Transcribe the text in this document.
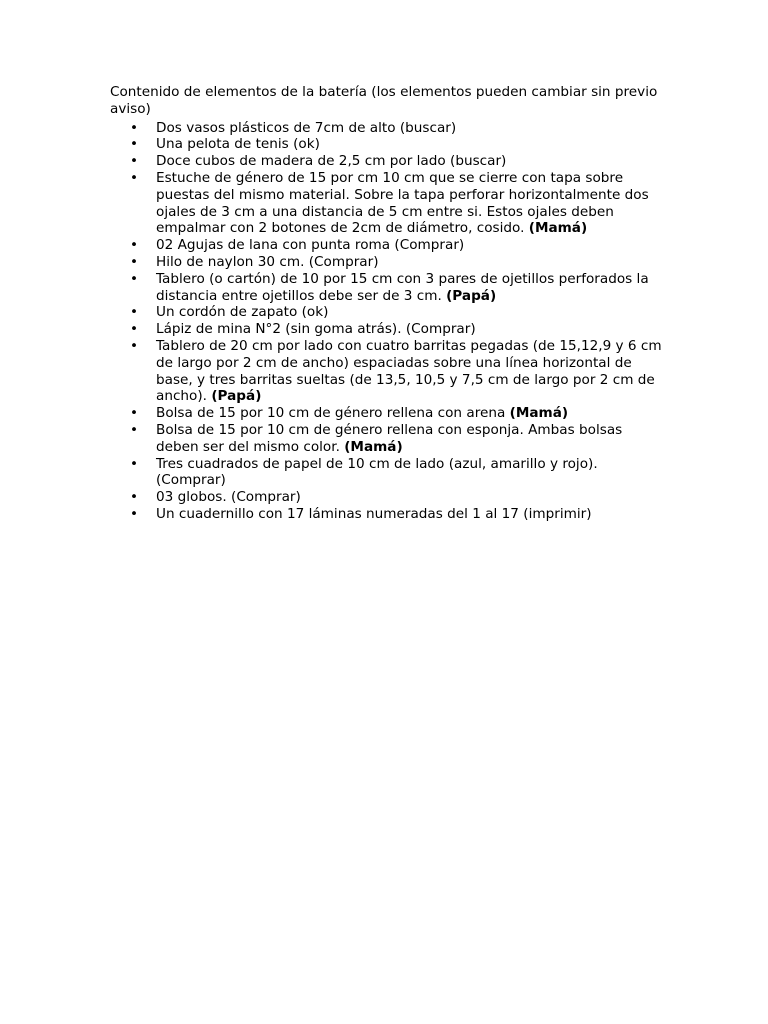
Contenido de elementos de la batería (los elementos pueden cambiar sin previo aviso)

• Dos vasos plásticos de 7cm de alto (buscar)
• Una pelota de tenis (ok)
• Doce cubos de madera de 2,5 cm por lado (buscar)
• Estuche de género de 15 por cm 10 cm que se cierre con tapa sobre puestas del mismo material. Sobre la tapa perforar horizontalmente dos ojales de 3 cm a una distancia de 5 cm entre si. Estos ojales deben empalmar con 2 botones de 2cm de diámetro, cosido. (Mamá)
• 02 Agujas de lana con punta roma (Comprar)
• Hilo de naylon 30 cm. (Comprar)
• Tablero (o cartón) de 10 por 15 cm con 3 pares de ojetillos perforados la distancia entre ojetillos debe ser de 3 cm. (Papá)
• Un cordón de zapato (ok)
• Lápiz de mina N°2 (sin goma atrás). (Comprar)
• Tablero de 20 cm por lado con cuatro barritas pegadas (de 15,12,9 y 6 cm de largo por 2 cm de ancho) espaciadas sobre una línea horizontal de base, y tres barritas sueltas (de 13,5, 10,5 y 7,5 cm de largo por 2 cm de ancho). (Papá)
• Bolsa de 15 por 10 cm de género rellena con arena (Mamá)
• Bolsa de 15 por 10 cm de género rellena con esponja. Ambas bolsas deben ser del mismo color. (Mamá)
• Tres cuadrados de papel de 10 cm de lado (azul, amarillo y rojo). (Comprar)
• 03 globos. (Comprar)
• Un cuadernillo con 17 láminas numeradas del 1 al 17 (imprimir)
